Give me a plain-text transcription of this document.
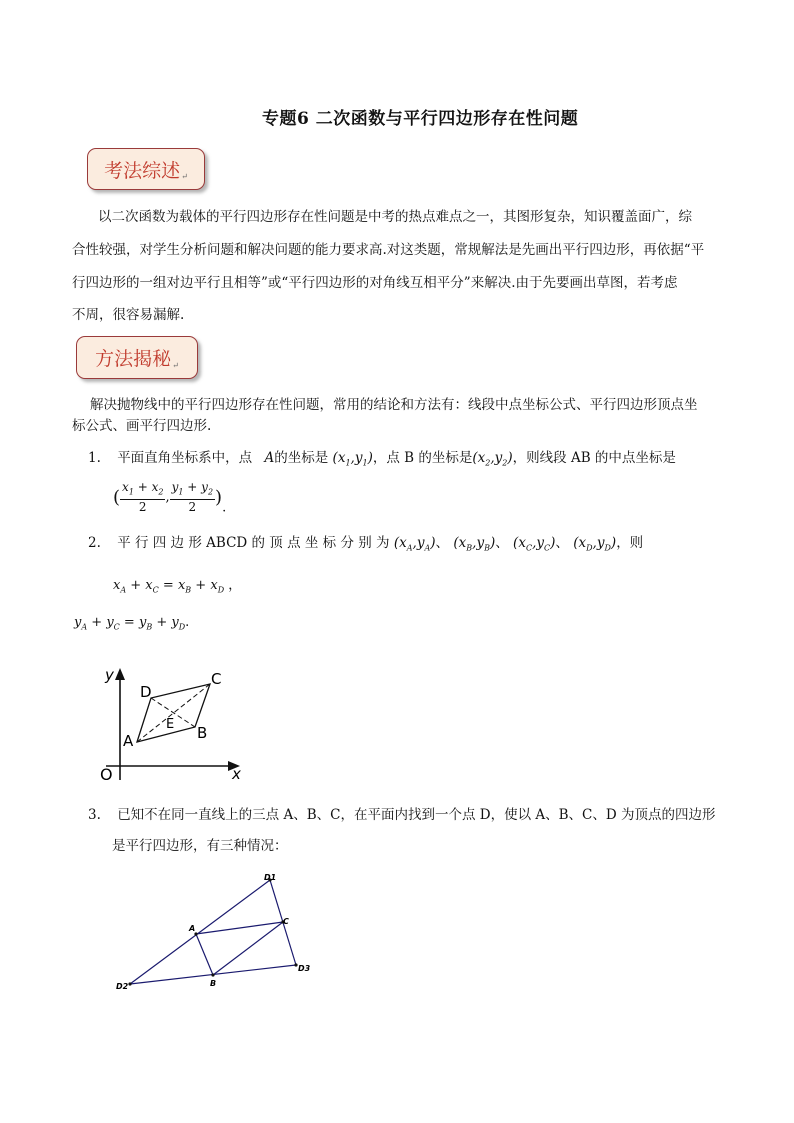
专题6 二次函数与平行四边形存在性问题
考法综述 ↵
以二次函数为载体的平行四边形存在性问题是中考的热点难点之一，其图形复杂，知识覆盖面广，综
合性较强，对学生分析问题和解决问题的能力要求高.对这类题，常规解法是先画出平行四边形，再依据“平
行四边形的一组对边平行且相等”或“平行四边形的对角线互相平分”来解决.由于先要画出草图，若考虑
不周，很容易漏解.
方法揭秘 ↵
解决抛物线中的平行四边形存在性问题，常用的结论和方法有：线段中点坐标公式、平行四边形顶点坐
标公式、画平行四边形.
1. 平面直角坐标系中，点 A的坐标是 $(x_1,y_1)$，点 B 的坐标是$(x_2,y_2)$，则线段 AB 的中点坐标是
( $\frac{x_1 + x_2}{2}$ , $\frac{y_1 + y_2}{2}$ ).
2. 平 行 四 边 形 ABCD 的 顶 点 坐 标 分 别 为 $(x_A,y_A)$、 $(x_B,y_B)$、 $(x_C,y_C)$、 $(x_D,y_D)$，则
$x_A + x_C = x_B + x_D$ ，
$y_A + y_C = y_B + y_D$.
y
x
O
A	B
C
D
E
3. 已知不在同一直线上的三点 A、B、C，在平面内找到一个点 D，使以 A、B、C、D 为顶点的四边形
是平行四边形，有三种情况：
A
B
C
D1
D2
D3
